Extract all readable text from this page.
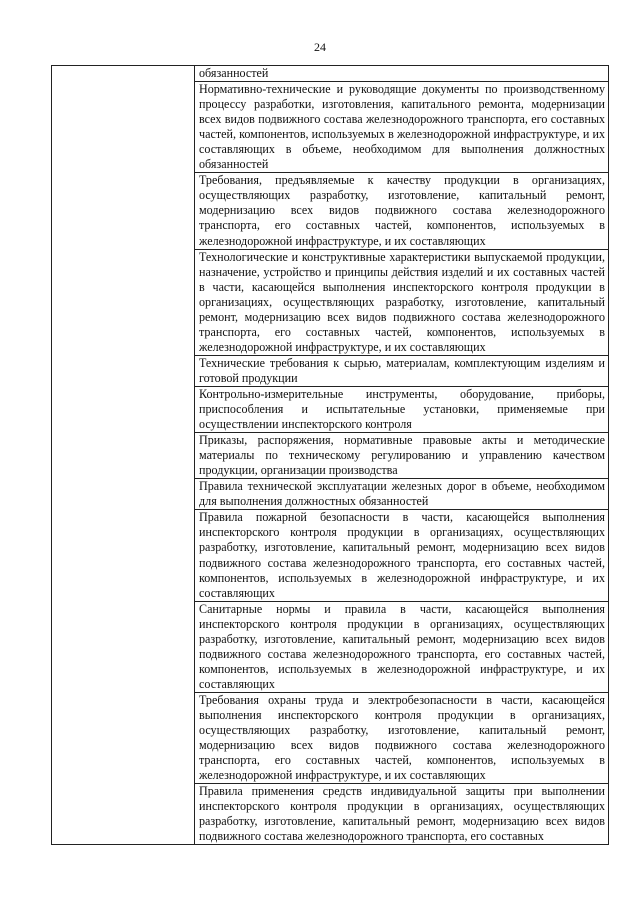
24

обязанностей

Нормативно-технические и руководящие документы по производственному процессу разработки, изготовления, капитального ремонта, модернизации всех видов подвижного состава железнодорожного транспорта, его составных частей, компонентов, используемых в железнодорожной инфраструктуре, и их составляющих в объеме, необходимом для выполнения должностных обязанностей

Требования, предъявляемые к качеству продукции в организациях, осуществляющих разработку, изготовление, капитальный ремонт, модернизацию всех видов подвижного состава железнодорожного транспорта, его составных частей, компонентов, используемых в железнодорожной инфраструктуре, и их составляющих

Технологические и конструктивные характеристики выпускаемой продукции, назначение, устройство и принципы действия изделий и их составных частей в части, касающейся выполнения инспекторского контроля продукции в организациях, осуществляющих разработку, изготовление, капитальный ремонт, модернизацию всех видов подвижного состава железнодорожного транспорта, его составных частей, компонентов, используемых в железнодорожной инфраструктуре, и их составляющих

Технические требования к сырью, материалам, комплектующим изделиям и готовой продукции

Контрольно-измерительные инструменты, оборудование, приборы, приспособления и испытательные установки, применяемые при осуществлении инспекторского контроля

Приказы, распоряжения, нормативные правовые акты и методические материалы по техническому регулированию и управлению качеством продукции, организации производства

Правила технической эксплуатации железных дорог в объеме, необходимом для выполнения должностных обязанностей

Правила пожарной безопасности в части, касающейся выполнения инспекторского контроля продукции в организациях, осуществляющих разработку, изготовление, капитальный ремонт, модернизацию всех видов подвижного состава железнодорожного транспорта, его составных частей, компонентов, используемых в железнодорожной инфраструктуре, и их составляющих

Санитарные нормы и правила в части, касающейся выполнения инспекторского контроля продукции в организациях, осуществляющих разработку, изготовление, капитальный ремонт, модернизацию всех видов подвижного состава железнодорожного транспорта, его составных частей, компонентов, используемых в железнодорожной инфраструктуре, и их составляющих

Требования охраны труда и электробезопасности в части, касающейся выполнения инспекторского контроля продукции в организациях, осуществляющих разработку, изготовление, капитальный ремонт, модернизацию всех видов подвижного состава железнодорожного транспорта, его составных частей, компонентов, используемых в железнодорожной инфраструктуре, и их составляющих

Правила применения средств индивидуальной защиты при выполнении инспекторского контроля продукции в организациях, осуществляющих разработку, изготовление, капитальный ремонт, модернизацию всех видов подвижного состава железнодорожного транспорта, его составных
